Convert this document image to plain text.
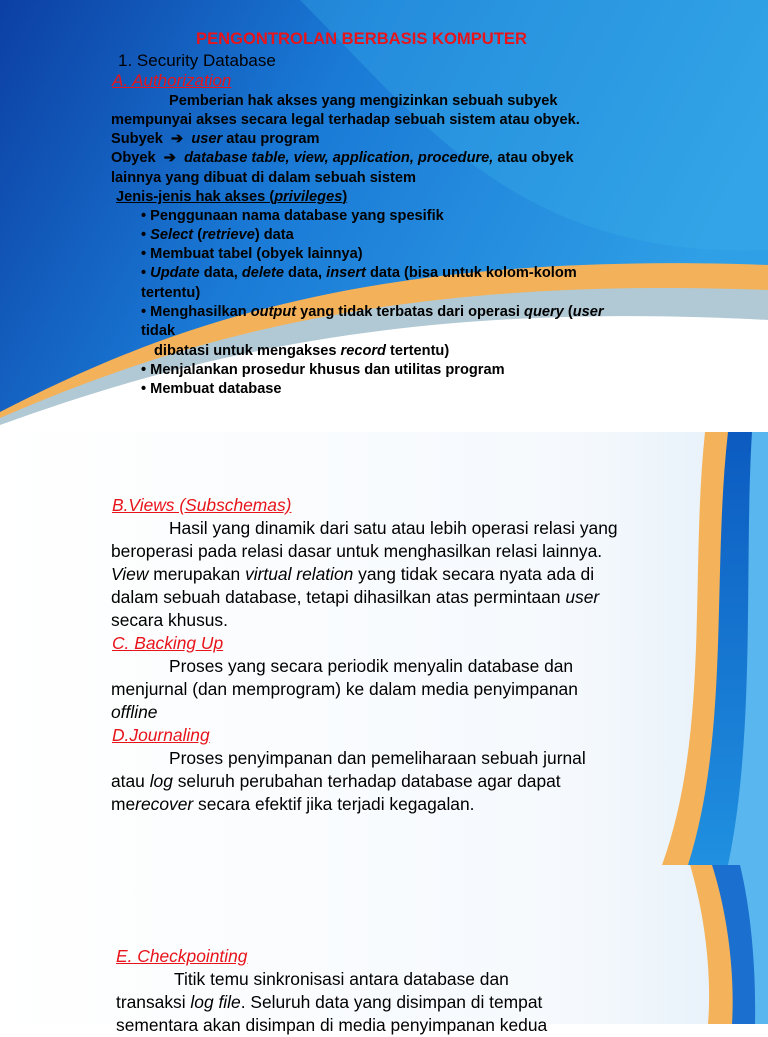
PENGONTROLAN BERBASIS KOMPUTER
1. Security Database
A. Authorization
Pemberian hak akses yang mengizinkan sebuah subyek
mempunyai akses secara legal terhadap sebuah sistem atau obyek.
Subyek  ➔  user atau program
Obyek  ➔  database table, view, application, procedure, atau obyek
lainnya yang dibuat di dalam sebuah sistem
Jenis-jenis hak akses (privileges)
• Penggunaan nama database yang spesifik
• Select (retrieve) data
• Membuat tabel (obyek lainnya)
• Update data, delete data, insert data (bisa untuk kolom-kolom
tertentu)
• Menghasilkan output yang tidak terbatas dari operasi query (user
tidak
dibatasi untuk mengakses record tertentu)
• Menjalankan prosedur khusus dan utilitas program
• Membuat database
B.Views (Subschemas)
Hasil yang dinamik dari satu atau lebih operasi relasi yang
beroperasi pada relasi dasar untuk menghasilkan relasi lainnya.
View merupakan virtual relation yang tidak secara nyata ada di
dalam sebuah database, tetapi dihasilkan atas permintaan user
secara khusus.
C. Backing Up
Proses yang secara periodik menyalin database dan
menjurnal (dan memprogram) ke dalam media penyimpanan
offline
D.Journaling
Proses penyimpanan dan pemeliharaan sebuah jurnal
atau log seluruh perubahan terhadap database agar dapat
merecover secara efektif jika terjadi kegagalan.
E. Checkpointing
Titik temu sinkronisasi antara database dan
transaksi log file. Seluruh data yang disimpan di tempat
sementara akan disimpan di media penyimpanan kedua
